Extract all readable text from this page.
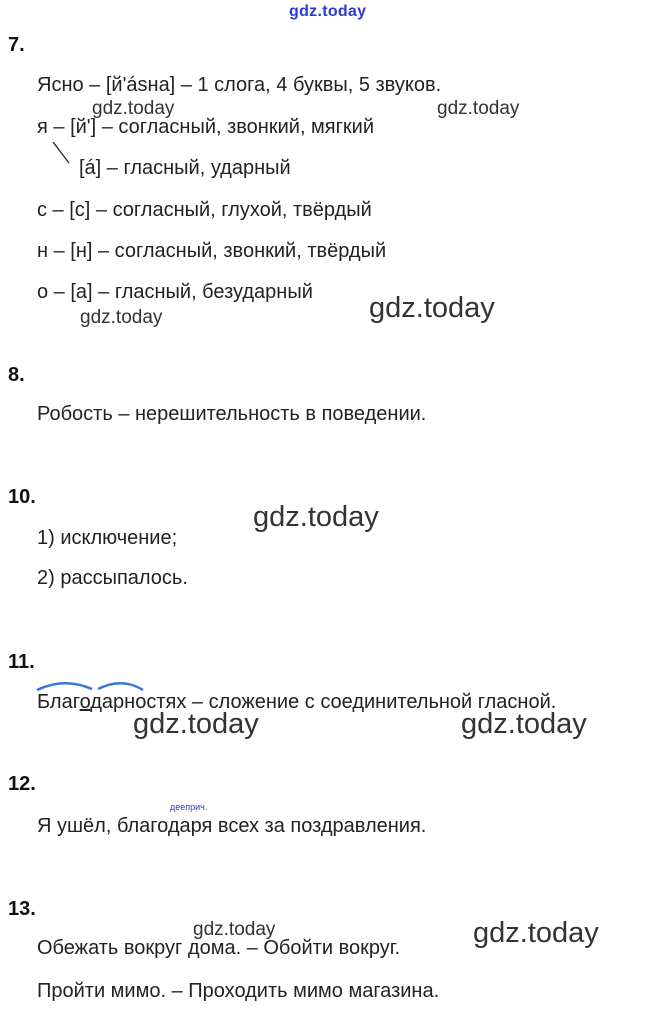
gdz.today
7.
Ясно – [й'ásна] – 1 слога, 4 буквы, 5 звуков.
gdz.today	gdz.today
я – [й'] – согласный, звонкий, мягкий
[á] – гласный, ударный
с – [с] – согласный, глухой, твёрдый
н – [н] – согласный, звонкий, твёрдый
о – [а] – гласный, безударный gdz.today
gdz.today
8.
Робость – нерешительность в поведении.
10.
gdz.today
1) исключение;
2) рассыпалось.
11.
Благодарностях – сложение с соединительной гласной.
gdz.today	gdz.today
12.
дееприч.
Я ушёл, благодаря всех за поздравления.
13.
gdz.today	gdz.today
Обежать вокруг дома. – Обойти вокруг.
Пройти мимо. – Проходить мимо магазина.
